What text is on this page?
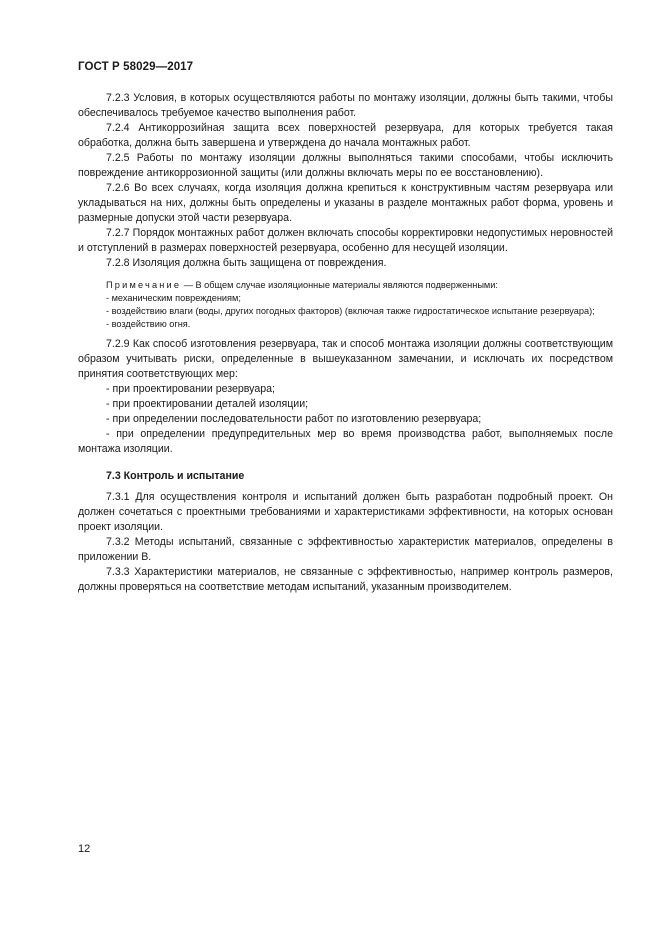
ГОСТ Р 58029—2017

7.2.3 Условия, в которых осуществляются работы по монтажу изоляции, должны быть такими, чтобы обеспечивалось требуемое качество выполнения работ.

7.2.4 Антикоррозийная защита всех поверхностей резервуара, для которых требуется такая обработка, должна быть завершена и утверждена до начала монтажных работ.

7.2.5 Работы по монтажу изоляции должны выполняться такими способами, чтобы исключить повреждение антикоррозионной защиты (или должны включать меры по ее восстановлению).

7.2.6 Во всех случаях, когда изоляция должна крепиться к конструктивным частям резервуара или укладываться на них, должны быть определены и указаны в разделе монтажных работ форма, уровень и размерные допуски этой части резервуара.

7.2.7 Порядок монтажных работ должен включать способы корректировки недопустимых неровностей и отступлений в размерах поверхностей резервуара, особенно для несущей изоляции.

7.2.8 Изоляция должна быть защищена от повреждения.

Примечание — В общем случае изоляционные материалы являются подверженными:

- механическим повреждениям;

- воздействию влаги (воды, других погодных факторов) (включая также гидростатическое испытание резервуара);

- воздействию огня.

7.2.9 Как способ изготовления резервуара, так и способ монтажа изоляции должны соответствующим образом учитывать риски, определенные в вышеуказанном замечании, и исключать их посредством принятия соответствующих мер:

- при проектировании резервуара;

- при проектировании деталей изоляции;

- при определении последовательности работ по изготовлению резервуара;

- при определении предупредительных мер во время производства работ, выполняемых после монтажа изоляции.

7.3 Контроль и испытание

7.3.1 Для осуществления контроля и испытаний должен быть разработан подробный проект. Он должен сочетаться с проектными требованиями и характеристиками эффективности, на которых основан проект изоляции.

7.3.2 Методы испытаний, связанные с эффективностью характеристик материалов, определены в приложении В.

7.3.3 Характеристики материалов, не связанные с эффективностью, например контроль размеров, должны проверяться на соответствие методам испытаний, указанным производителем.

12
